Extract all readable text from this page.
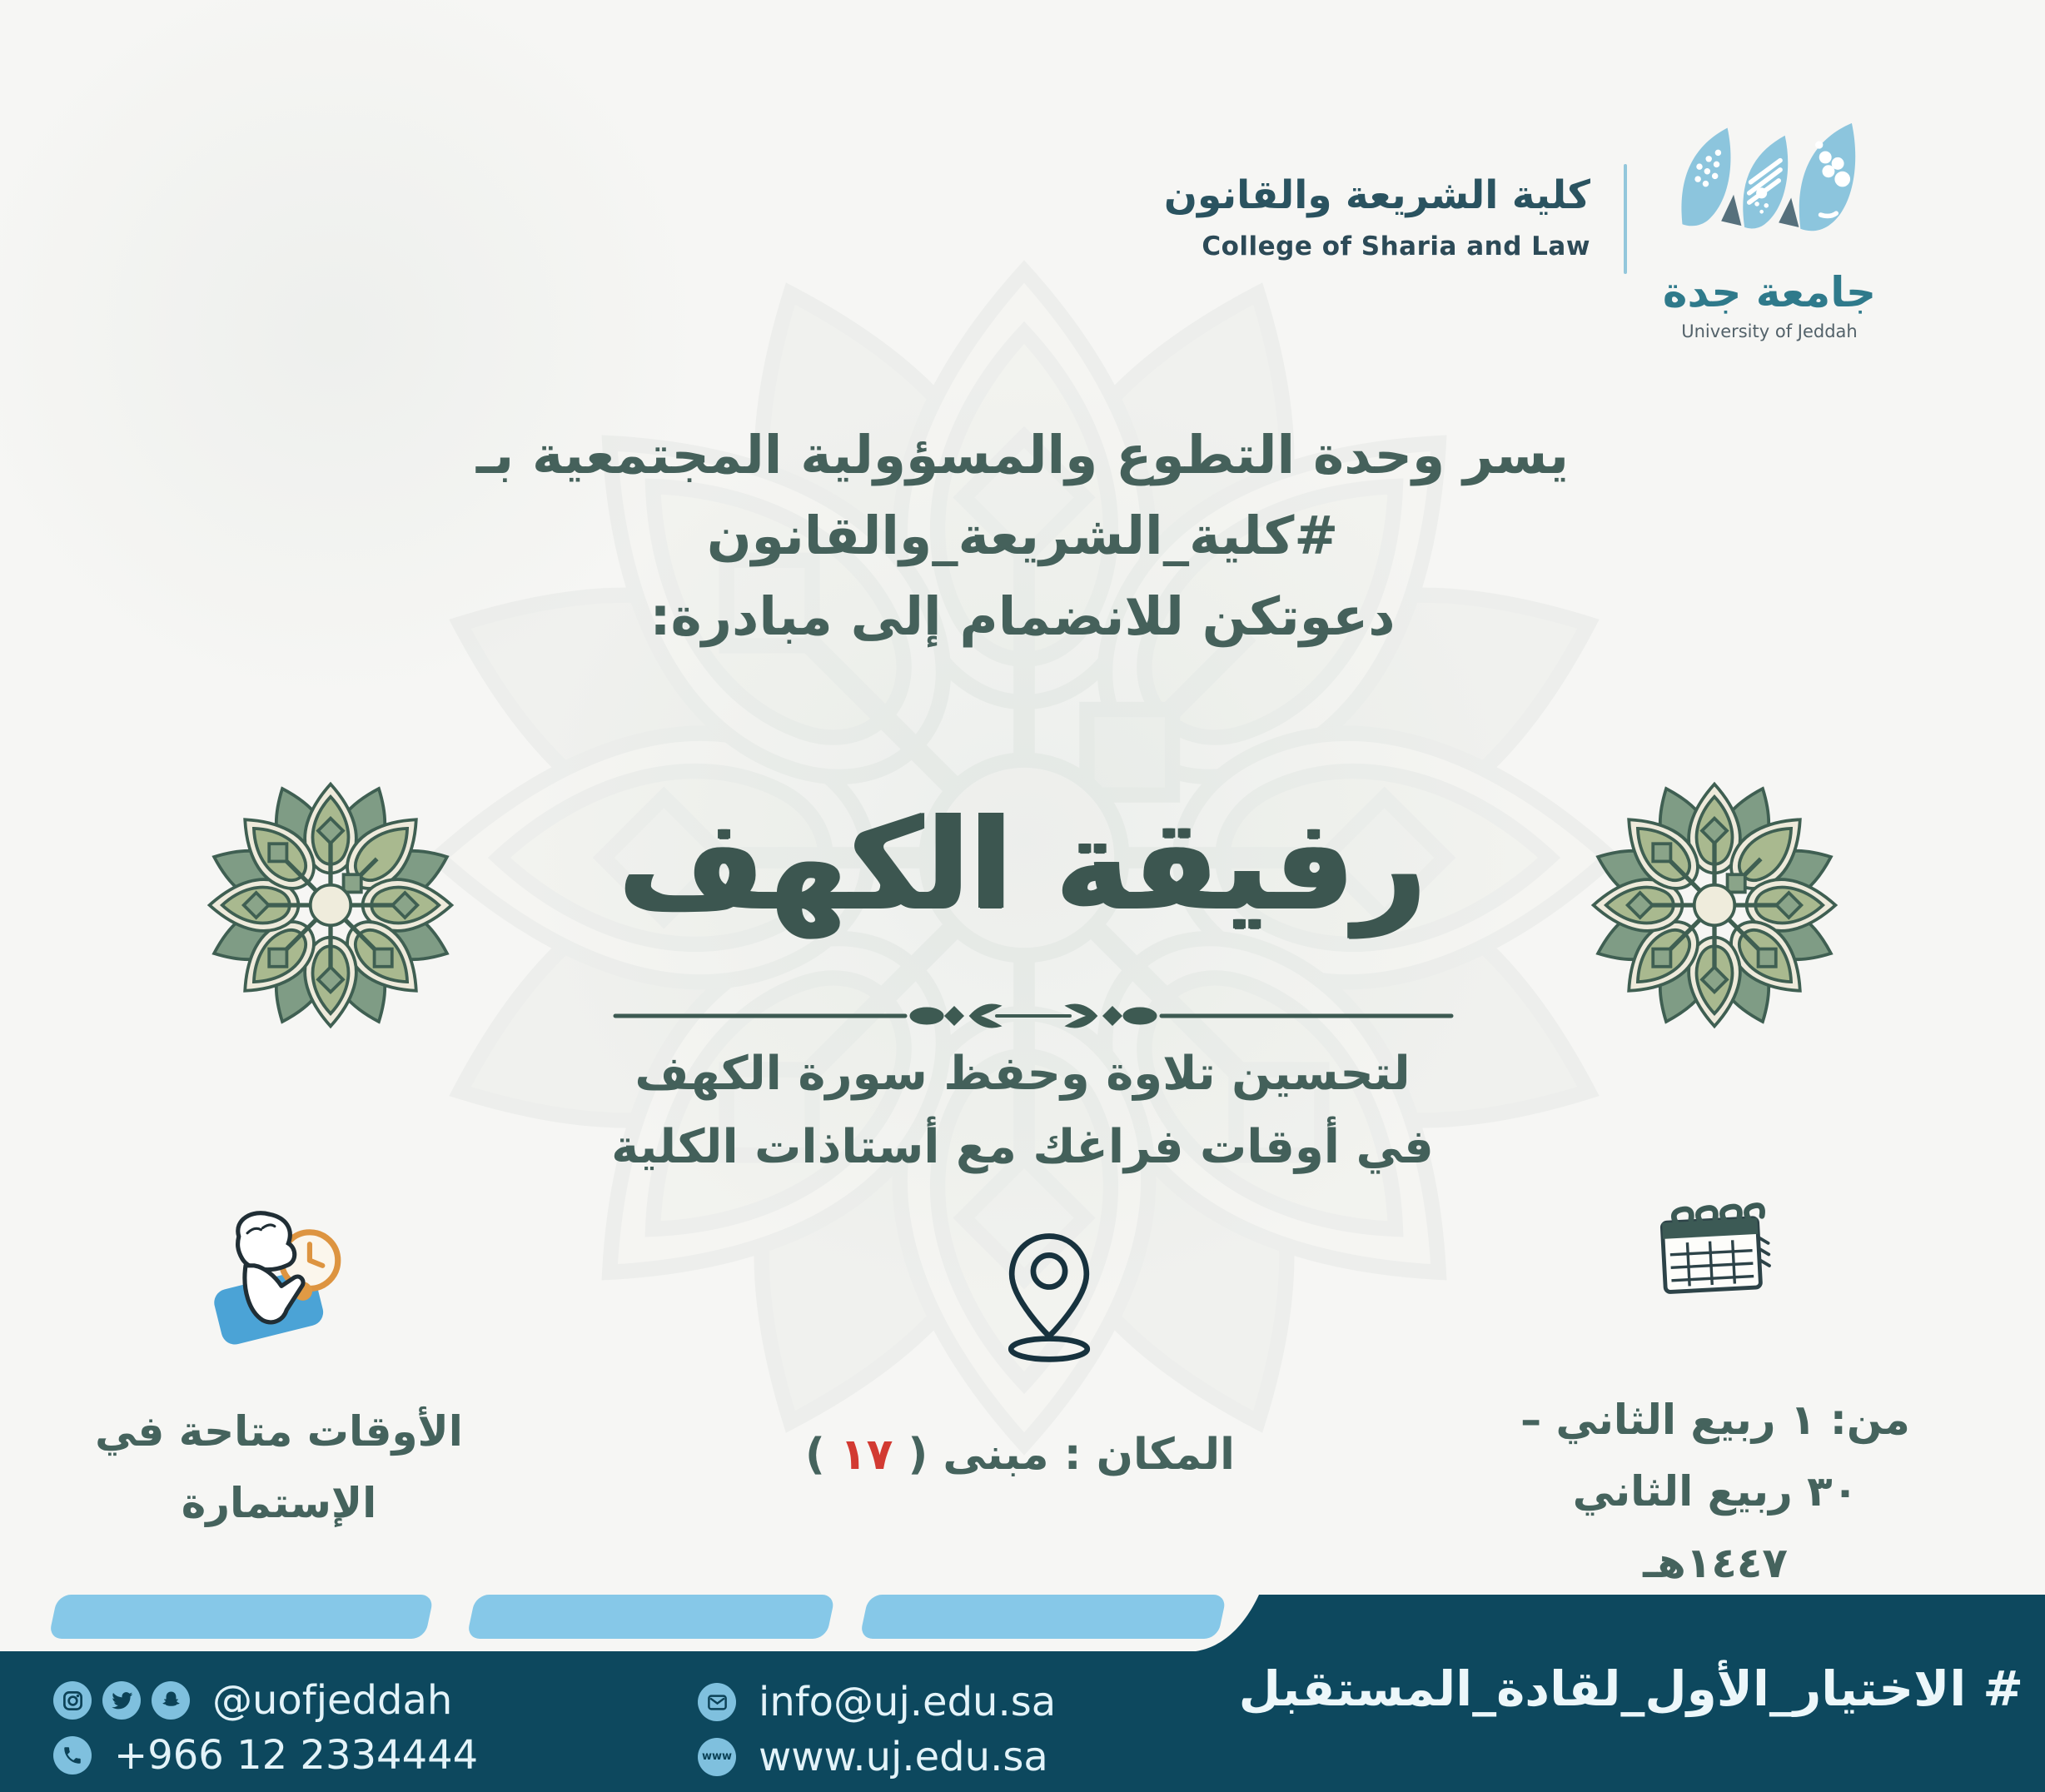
كلية الشريعة والقانون
College of Sharia and Law
جامعة جدة
University of Jeddah
يسر وحدة التطوع والمسؤولية المجتمعية بـ
#كلية_الشريعة_والقانون
دعوتكن للانضمام إلى مبادرة:
رفيقة الكهف
لتحسين تلاوة وحفظ سورة الكهف
في أوقات فراغك مع أستاذات الكلية
الأوقات متاحة في
الإستمارة
المكان : مبنى ( ١٧ )
من: ١ ربيع الثاني –
٣٠ ربيع الثاني ١٤٤٧هـ
@uofjeddah
+966 12 2334444
info@uj.edu.sa
www www.uj.edu.sa
# الاختيار_الأول_لقادة_المستقبل
